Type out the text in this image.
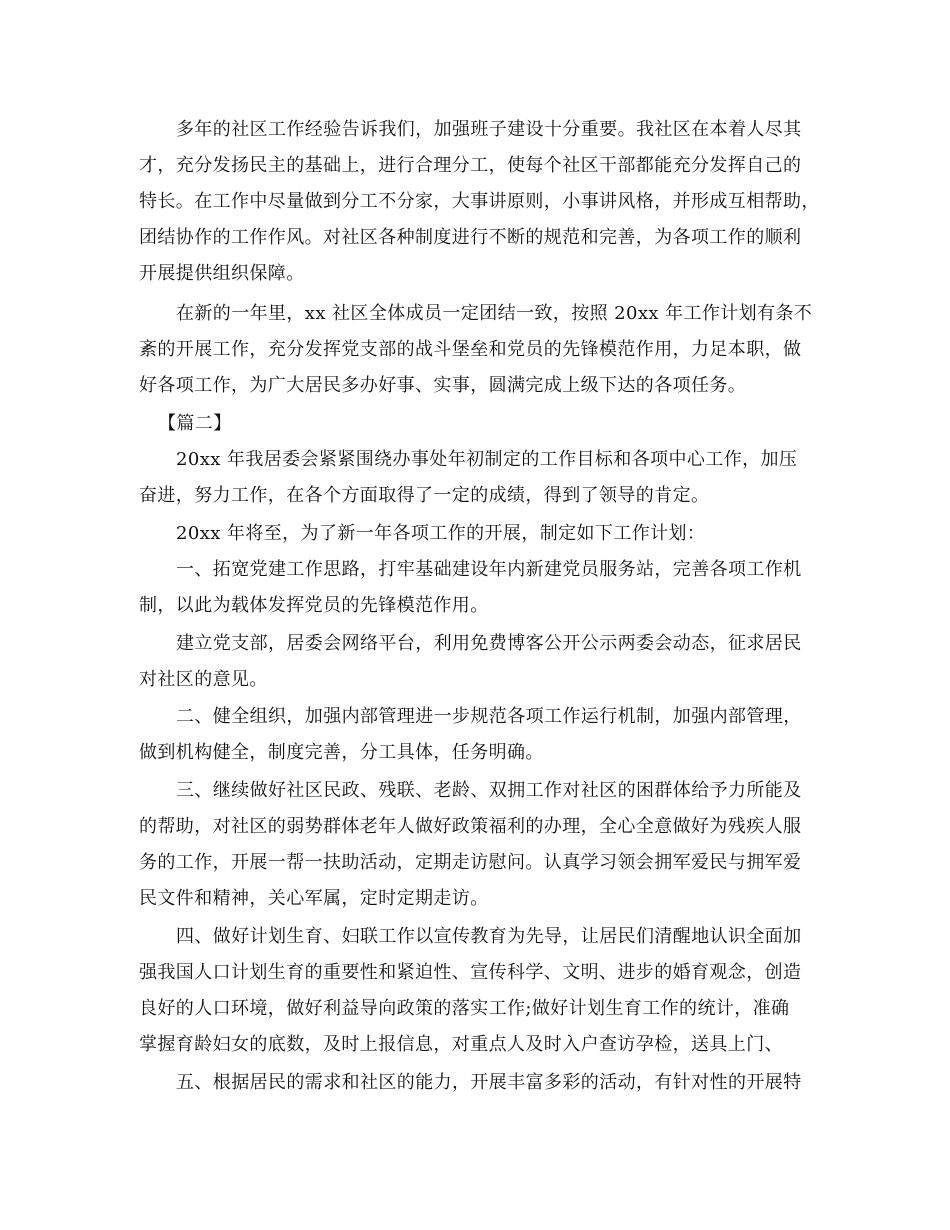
多年的社区工作经验告诉我们，加强班子建设十分重要。我社区在本着人尽其
才，充分发扬民主的基础上，进行合理分工，使每个社区干部都能充分发挥自己的
特长。在工作中尽量做到分工不分家，大事讲原则，小事讲风格，并形成互相帮助，
团结协作的工作作风。对社区各种制度进行不断的规范和完善，为各项工作的顺利
开展提供组织保障。
在新的一年里，xx 社区全体成员一定团结一致，按照 20xx 年工作计划有条不
紊的开展工作，充分发挥党支部的战斗堡垒和党员的先锋模范作用，力足本职，做
好各项工作，为广大居民多办好事、实事，圆满完成上级下达的各项任务。
【篇二】
20xx 年我居委会紧紧围绕办事处年初制定的工作目标和各项中心工作，加压
奋进，努力工作，在各个方面取得了一定的成绩，得到了领导的肯定。
20xx 年将至，为了新一年各项工作的开展，制定如下工作计划：
一、拓宽党建工作思路，打牢基础建设年内新建党员服务站，完善各项工作机
制，以此为载体发挥党员的先锋模范作用。
建立党支部，居委会网络平台，利用免费博客公开公示两委会动态，征求居民
对社区的意见。
二、健全组织，加强内部管理进一步规范各项工作运行机制，加强内部管理，
做到机构健全，制度完善，分工具体，任务明确。
三、继续做好社区民政、残联、老龄、双拥工作对社区的困群体给予力所能及
的帮助，对社区的弱势群体老年人做好政策福利的办理，全心全意做好为残疾人服
务的工作，开展一帮一扶助活动，定期走访慰问。认真学习领会拥军爱民与拥军爱
民文件和精神，关心军属，定时定期走访。
四、做好计划生育、妇联工作以宣传教育为先导，让居民们清醒地认识全面加
强我国人口计划生育的重要性和紧迫性、宣传科学、文明、进步的婚育观念，创造
良好的人口环境，做好利益导向政策的落实工作;做好计划生育工作的统计，准确
掌握育龄妇女的底数，及时上报信息，对重点人及时入户查访孕检，送具上门、
五、根据居民的需求和社区的能力，开展丰富多彩的活动，有针对性的开展特
